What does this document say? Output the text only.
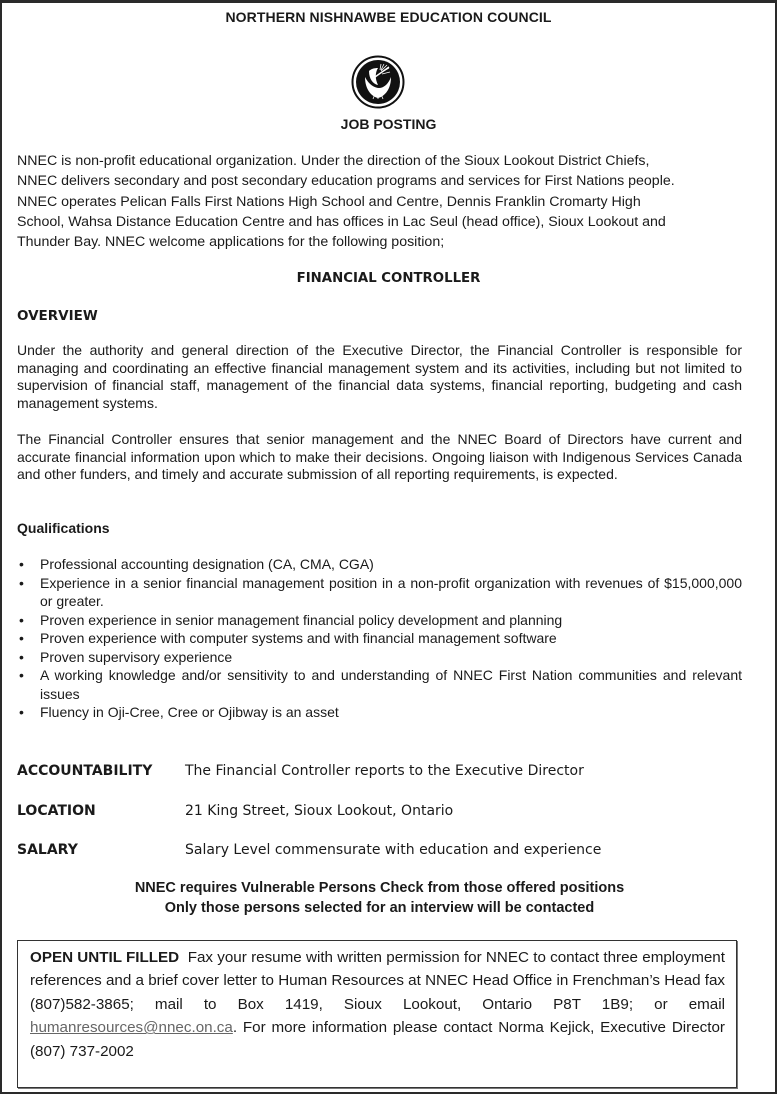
NORTHERN NISHNAWBE EDUCATION COUNCIL
JOB POSTING
NNEC is non-profit educational organization. Under the direction of the Sioux Lookout District Chiefs,
NNEC delivers secondary and post secondary education programs and services for First Nations people.
NNEC operates Pelican Falls First Nations High School and Centre, Dennis Franklin Cromarty High
School, Wahsa Distance Education Centre and has offices in Lac Seul (head office), Sioux Lookout and
Thunder Bay. NNEC welcome applications for the following position;
FINANCIAL CONTROLLER
OVERVIEW
Under the authority and general direction of the Executive Director, the Financial Controller is responsible for managing and coordinating an effective financial management system and its activities, including but not limited to supervision of financial staff, management of the financial data systems, financial reporting, budgeting and cash management systems.
The Financial Controller ensures that senior management and the NNEC Board of Directors have current and accurate financial information upon which to make their decisions. Ongoing liaison with Indigenous Services Canada and other funders, and timely and accurate submission of all reporting requirements, is expected.
Qualifications
• Professional accounting designation (CA, CMA, CGA)
• Experience in a senior financial management position in a non-profit organization with revenues of $15,000,000 or greater.
• Proven experience in senior management financial policy development and planning
• Proven experience with computer systems and with financial management software
• Proven supervisory experience
• A working knowledge and/or sensitivity to and understanding of NNEC First Nation communities and relevant issues
• Fluency in Oji-Cree, Cree or Ojibway is an asset
ACCOUNTABILITY The Financial Controller reports to the Executive Director
LOCATION	21 King Street, Sioux Lookout, Ontario
SALARY	Salary Level commensurate with education and experience
NNEC requires Vulnerable Persons Check from those offered positions
Only those persons selected for an interview will be contacted
OPEN UNTIL FILLED Fax your resume with written permission for NNEC to contact three employment references and a brief cover letter to Human Resources at NNEC Head Office in Frenchman’s Head fax (807)582-3865; mail to Box 1419, Sioux Lookout, Ontario P8T 1B9; or email humanresources@nnec.on.ca. For more information please contact Norma Kejick, Executive Director (807) 737-2002
